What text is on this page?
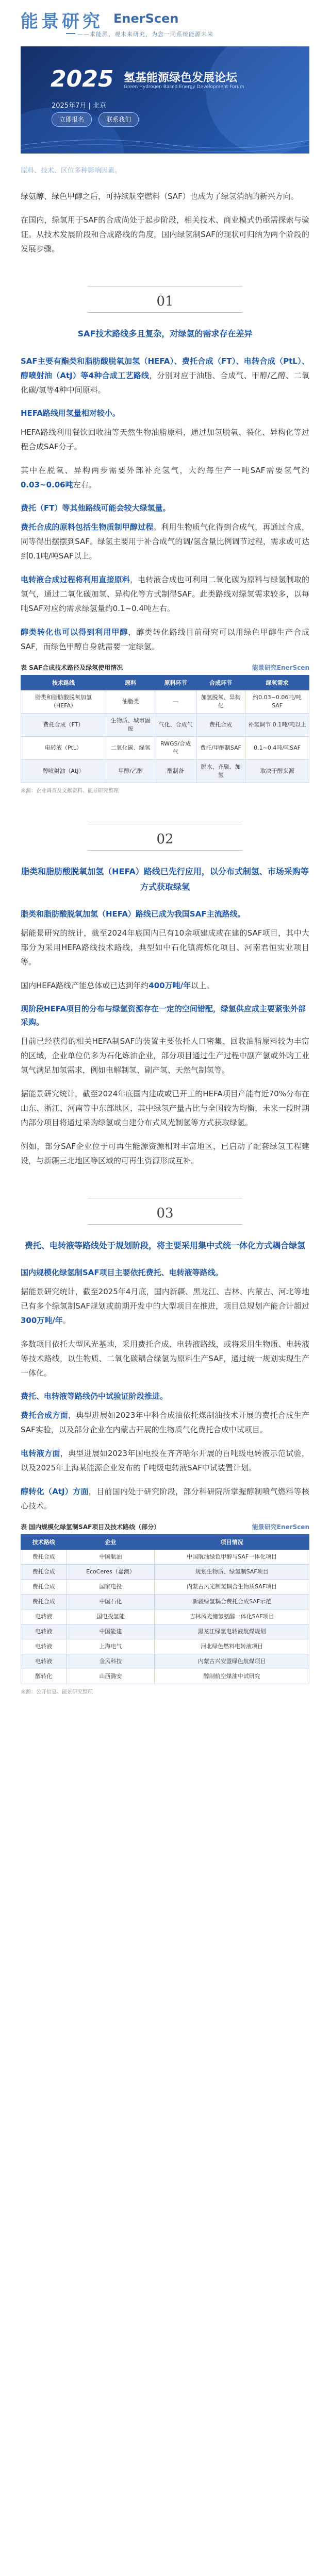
能景研究 EnerScen
——求能源，观未来研究，为您一同系统能源未来
2025 氢基能源绿色发展论坛
Green Hydrogen Based Energy Development Forum
2025年7月 | 北京
立即报名	联系我们
原料、技术、区位多种影响因素。

绿氨醇、绿色甲醇之后，可持续航空燃料（SAF）也成为了绿氢消纳的新兴方向。

在国内，绿氢用于SAF的合成尚处于起步阶段，相关技术、商业模式仍亟需探索与验证。从技术发展阶段和合成路线的角度，国内绿氢制SAF的现状可归纳为两个阶段的发展步骤。

01
SAF技术路线多且复杂，对绿氢的需求存在差异

SAF主要有酯类和脂肪酸脱氧加氢（HEFA）、费托合成（FT）、电转合成（PtL）、醇喷射油（AtJ）等4种合成工艺路线，分别对应于油脂、合成气、甲醇/乙醇、二氧化碳/氢等4种中间原料。

HEFA路线用氢量相对较小。

HEFA路线利用餐饮回收油等天然生物油脂原料，通过加氢脱氧、裂化、异构化等过程合成SAF分子。

其中在脱氧、异构两步需要外部补充氢气，大约每生产一吨SAF需要氢气约0.03~0.06吨左右。

费托（FT）等其他路线可能会较大绿氢量。

费托合成的原料包括生物质制甲醇过程。利用生物质气化得到合成气，再通过合成，同等得出摆摆到SAF。绿氢主要用于补合成气的调/氢含量比例调节过程，需求或可达到0.1吨/吨SAF以上。

电转液合成过程将利用直接原料，电转液合成也可利用二氧化碳为原料与绿氢制取的氢气，通过二氧化碳加氢、异构化等方式制得SAF。此类路线对绿氢需求较多，以每吨SAF对应约需求绿氢量约0.1~0.4吨左右。

醇类转化也可以得到利用甲醇，醇类转化路线目前研究可以用绿色甲醇生产合成SAF，而绿色甲醇自身就需要一定绿氢。

表 SAF合成技术路径及绿氢使用情况	能景研究EnerScen
技术路线	原料	原料环节	合成环节	绿氢需求
脂类和脂肪酸脱氧加氢（HEFA）	油脂类	—	加氢脱氧、异构化	约0.03~0.06吨/吨SAF
费托合成（FT）	生物质、城市固废	气化、合成气	费托合成	补氢调节 0.1吨/吨以上
电转液（PtL）	二氧化碳、绿氢	RWGS/合成气	费托/甲醇制SAF	0.1~0.4吨/吨SAF
醇喷射油（AtJ）	甲醇/乙醇	醇制备	脱水、齐聚、加氢	取决于醇来源
来源：企业调查及文献资料、能景研究整理
02
脂类和脂肪酸脱氧加氢（HEFA）路线已先行应用，以分布式制氢、市场采购等方式获取绿氢
脂类和脂肪酸脱氧加氢（HEFA）路线已成为我国SAF主流路线。

据能景研究的统计，截至2024年底国内已有10余项建成或在建的SAF项目，其中大部分为采用HEFA路线技术路线，典型如中石化镇海炼化项目、河南君恒实业项目等。

国内HEFA路线产能总体或已达到年约400万吨/年以上。

现阶段HEFA项目的分布与绿氢资源存在一定的空间错配，绿氢供应成主要紧张外部采购。

目前已经获得的相关HEFA制SAF的装置主要依托人口密集、回收油脂原料较为丰富的区域，企业单位仍多为石化炼油企业，部分项目通过生产过程中副产氢或外购工业氢气满足加氢需求，例如电解制氢、副产氢、天然气制氢等。

据能景研究统计，截至2024年底国内建成或已开工的HEFA项目产能有近70%分布在山东、浙江、河南等中东部地区，其中绿氢产量占比与全国较为均衡，未来一段时期内部分项目将通过采购绿氢或自建分布式风光制氢等方式获取绿氢。

例如，部分SAF企业位于可再生能源资源相对丰富地区，已启动了配套绿氢工程建设，与新疆三北地区等区域的可再生资源形成互补。

03
费托、电转液等路线处于规划阶段，将主要采用集中式统一体化方式耦合绿氢
国内规模化绿氢制SAF项目主要依托费托、电转液等路线。

据能景研究统计，截至2025年4月底，国内新疆、黑龙江、吉林、内蒙古、河北等地已有多个绿氢制SAF规划或前期开发中的大型项目在推进，项目总规划产能合计超过300万吨/年。

多数项目依托大型风光基地，采用费托合成、电转液路线，或将采用生物质、电转液等技术路线，以生物质、二氧化碳耦合绿氢为原料生产SAF，通过统一规划实现生产一体化。

费托、电转液等路线仍中试验证阶段推进。

费托合成方面，典型进展如2023年中科合成油依托煤制油技术开展的费托合成生产SAF实验，以及部分企业在内蒙古开展的生物质气化费托合成中试项目。

电转液方面，典型进展如2023年国电投在齐齐哈尔开展的百吨级电转液示范试验，以及2025年上海某能源企业发布的千吨级电转液SAF中试装置计划。

醇转化（AtJ）方面，目前国内处于研究阶段，部分科研院所掌握醇制喷气燃料等核心技术。

表 国内规模化绿氢制SAF项目及技术路线（部分）	能景研究EnerScen
技术路线	企业	项目情况
费托合成	中国航油	中国航油绿色甲醇与SAF一体化项目
费托合成	EcoCeres（嘉澳）	规划生物质、绿氢制SAF项目
费托合成	国家电投	内蒙古风光制氢耦合生物质SAF项目
费托合成	中国石化	新疆绿氢耦合费托合成SAF示范
电转液	国电投氢能	吉林风光储氢氨醇一体化SAF项目
电转液	中国能建	黑龙江绿氢电转液航煤规划
电转液	上海电气	河北绿色燃料电转液项目
电转液	金风科技	内蒙古兴安盟绿色航煤项目
醇转化	山西潞安	醇制航空煤油中试研究
来源：公开信息、能景研究整理
